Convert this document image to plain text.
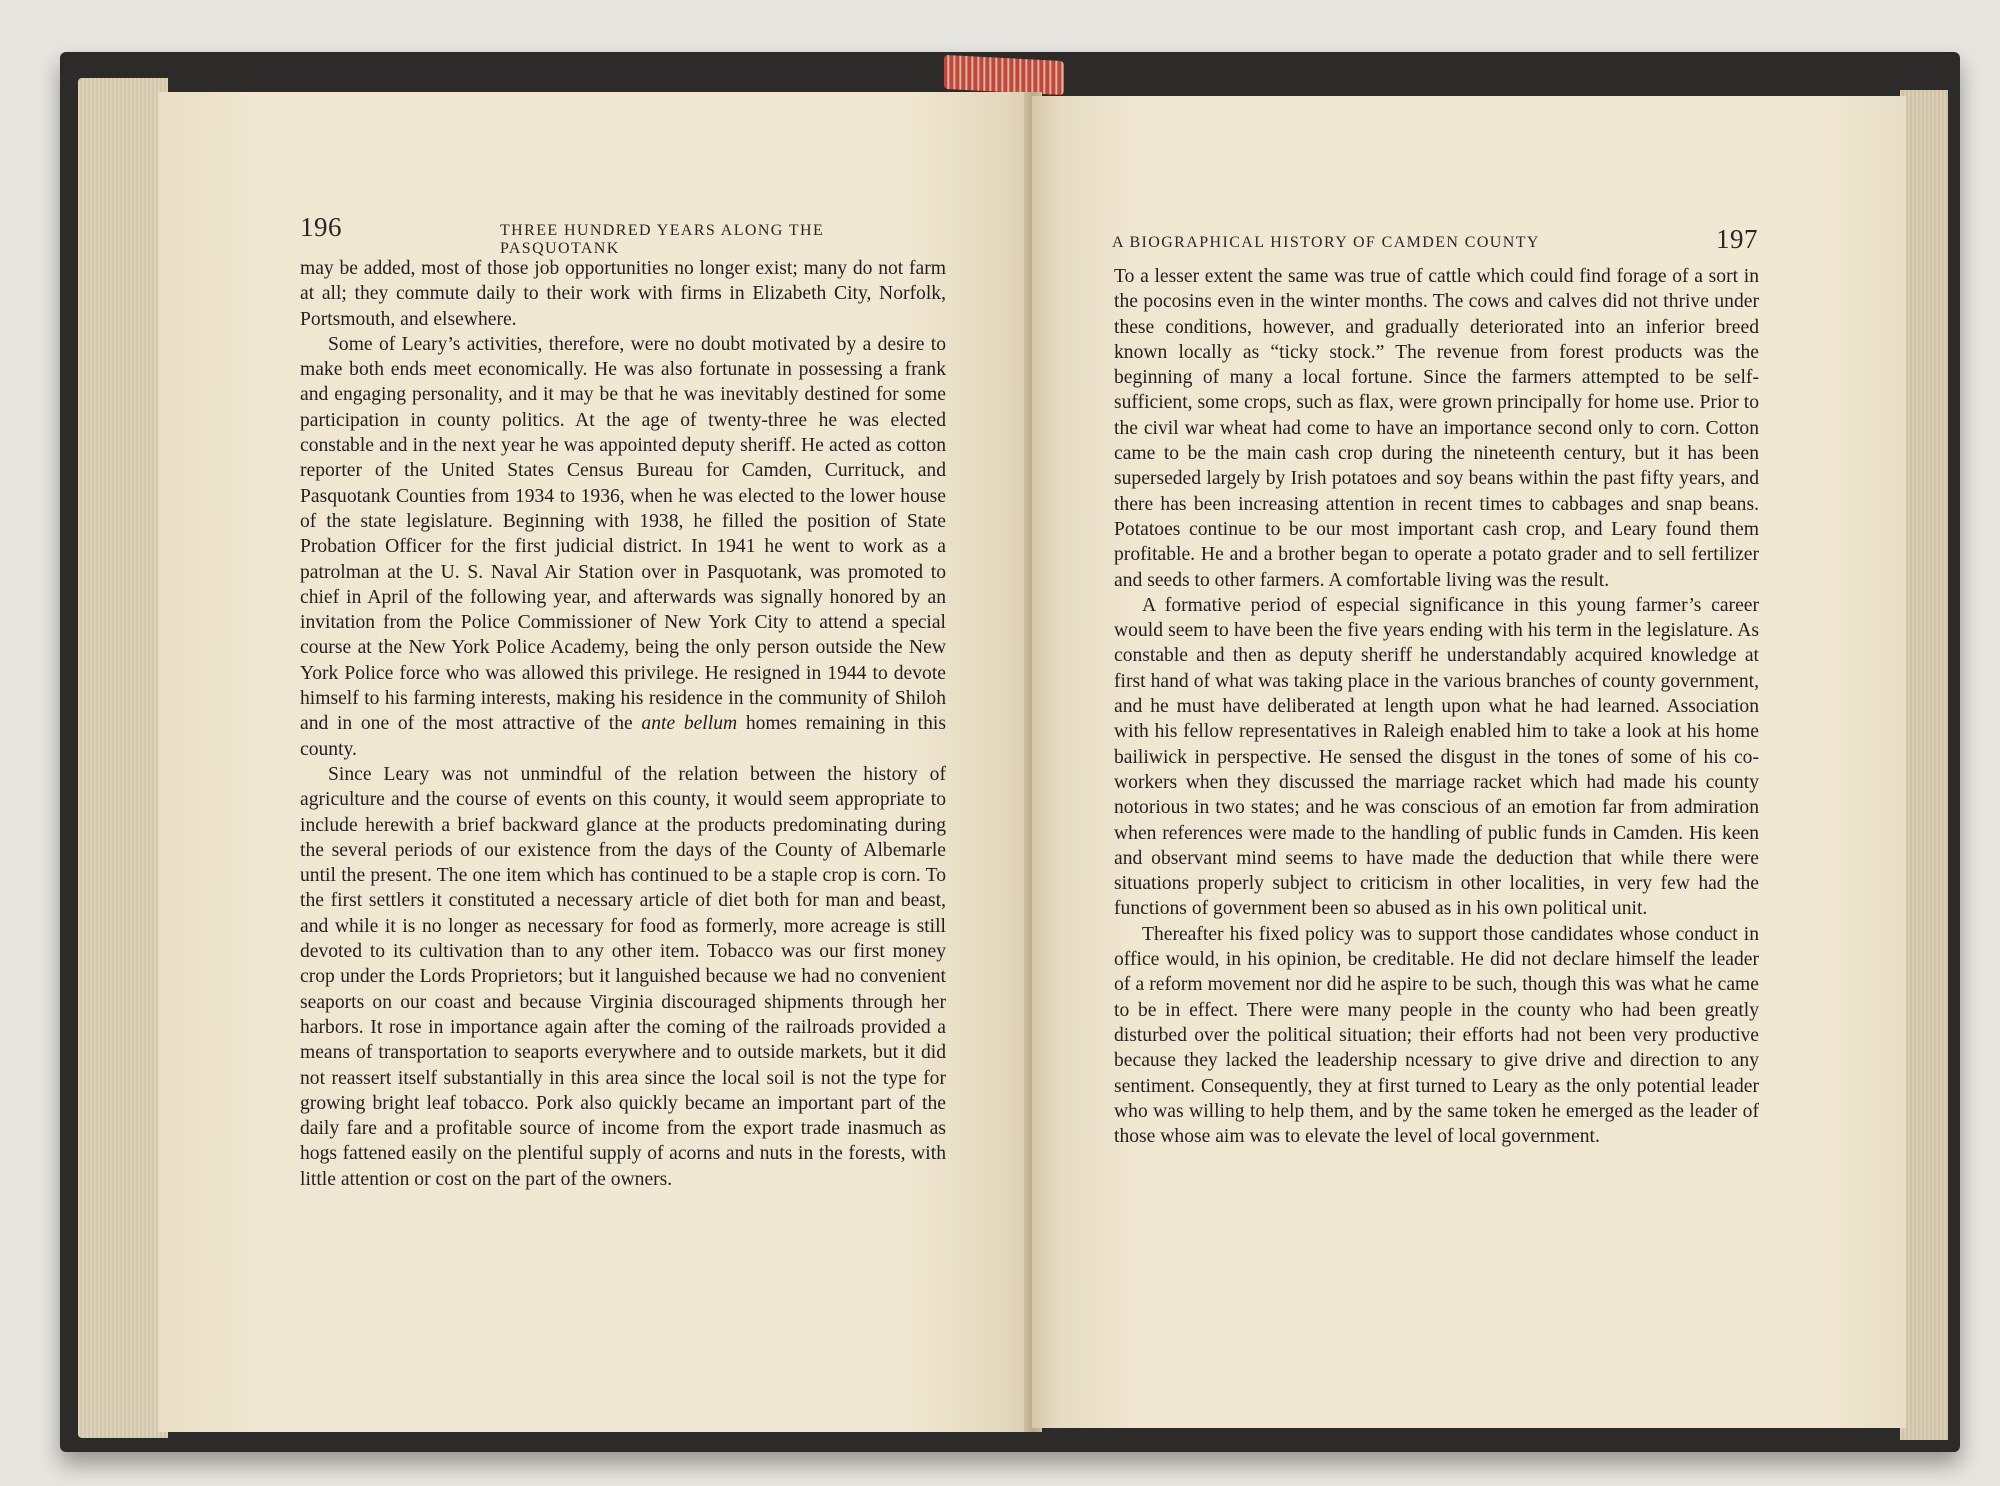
196	THREE HUNDRED YEARS ALONG THE PASQUOTANK

may be added, most of those job opportunities no longer exist; many do not farm at all; they commute daily to their work with firms in Elizabeth City, Norfolk, Portsmouth, and elsewhere.

Some of Leary’s activities, therefore, were no doubt motivated by a desire to make both ends meet economically. He was also fortunate in possessing a frank and engaging personality, and it may be that he was inevitably destined for some participation in county politics. At the age of twenty-three he was elected constable and in the next year he was appointed deputy sheriff. He acted as cotton reporter of the United States Census Bureau for Camden, Currituck, and Pasquotank Counties from 1934 to 1936, when he was elected to the lower house of the state legislature. Beginning with 1938, he filled the position of State Probation Officer for the first judicial district. In 1941 he went to work as a patrolman at the U. S. Naval Air Station over in Pasquotank, was promoted to chief in April of the following year, and afterwards was signally honored by an invitation from the Police Commissioner of New York City to attend a special course at the New York Police Academy, being the only person outside the New York Police force who was allowed this privilege. He resigned in 1944 to devote himself to his farming interests, making his residence in the community of Shiloh and in one of the most attractive of the ante bellum homes remaining in this county.

Since Leary was not unmindful of the relation between the history of agriculture and the course of events on this county, it would seem appropriate to include herewith a brief backward glance at the products predominating during the several periods of our existence from the days of the County of Albemarle until the present. The one item which has continued to be a staple crop is corn. To the first settlers it constituted a necessary article of diet both for man and beast, and while it is no longer as necessary for food as formerly, more acreage is still devoted to its cultivation than to any other item. Tobacco was our first money crop under the Lords Proprietors; but it languished because we had no convenient seaports on our coast and because Virginia discouraged shipments through her harbors. It rose in importance again after the coming of the railroads provided a means of transportation to seaports everywhere and to outside markets, but it did not reassert itself substantially in this area since the local soil is not the type for growing bright leaf tobacco. Pork also quickly became an important part of the daily fare and a profitable source of income from the export trade inasmuch as hogs fattened easily on the plentiful supply of acorns and nuts in the forests, with little attention or cost on the part of the owners.

A BIOGRAPHICAL HISTORY OF CAMDEN COUNTY	197

To a lesser extent the same was true of cattle which could find forage of a sort in the pocosins even in the winter months. The cows and calves did not thrive under these conditions, however, and gradually deteriorated into an inferior breed known locally as “ticky stock.” The revenue from forest products was the beginning of many a local fortune. Since the farmers attempted to be self-sufficient, some crops, such as flax, were grown principally for home use. Prior to the civil war wheat had come to have an importance second only to corn. Cotton came to be the main cash crop during the nineteenth century, but it has been superseded largely by Irish potatoes and soy beans within the past fifty years, and there has been increasing attention in recent times to cabbages and snap beans. Potatoes continue to be our most important cash crop, and Leary found them profitable. He and a brother began to operate a potato grader and to sell fertilizer and seeds to other farmers. A comfortable living was the result.

A formative period of especial significance in this young farmer’s career would seem to have been the five years ending with his term in the legislature. As constable and then as deputy sheriff he understandably acquired knowledge at first hand of what was taking place in the various branches of county government, and he must have deliberated at length upon what he had learned. Association with his fellow representatives in Raleigh enabled him to take a look at his home bailiwick in perspective. He sensed the disgust in the tones of some of his co-workers when they discussed the marriage racket which had made his county notorious in two states; and he was conscious of an emotion far from admiration when references were made to the handling of public funds in Camden. His keen and observant mind seems to have made the deduction that while there were situations properly subject to criticism in other localities, in very few had the functions of government been so abused as in his own political unit.

Thereafter his fixed policy was to support those candidates whose conduct in office would, in his opinion, be creditable. He did not declare himself the leader of a reform movement nor did he aspire to be such, though this was what he came to be in effect. There were many people in the county who had been greatly disturbed over the political situation; their efforts had not been very productive because they lacked the leadership ncessary to give drive and direction to any sentiment. Consequently, they at first turned to Leary as the only potential leader who was willing to help them, and by the same token he emerged as the leader of those whose aim was to elevate the level of local government.
